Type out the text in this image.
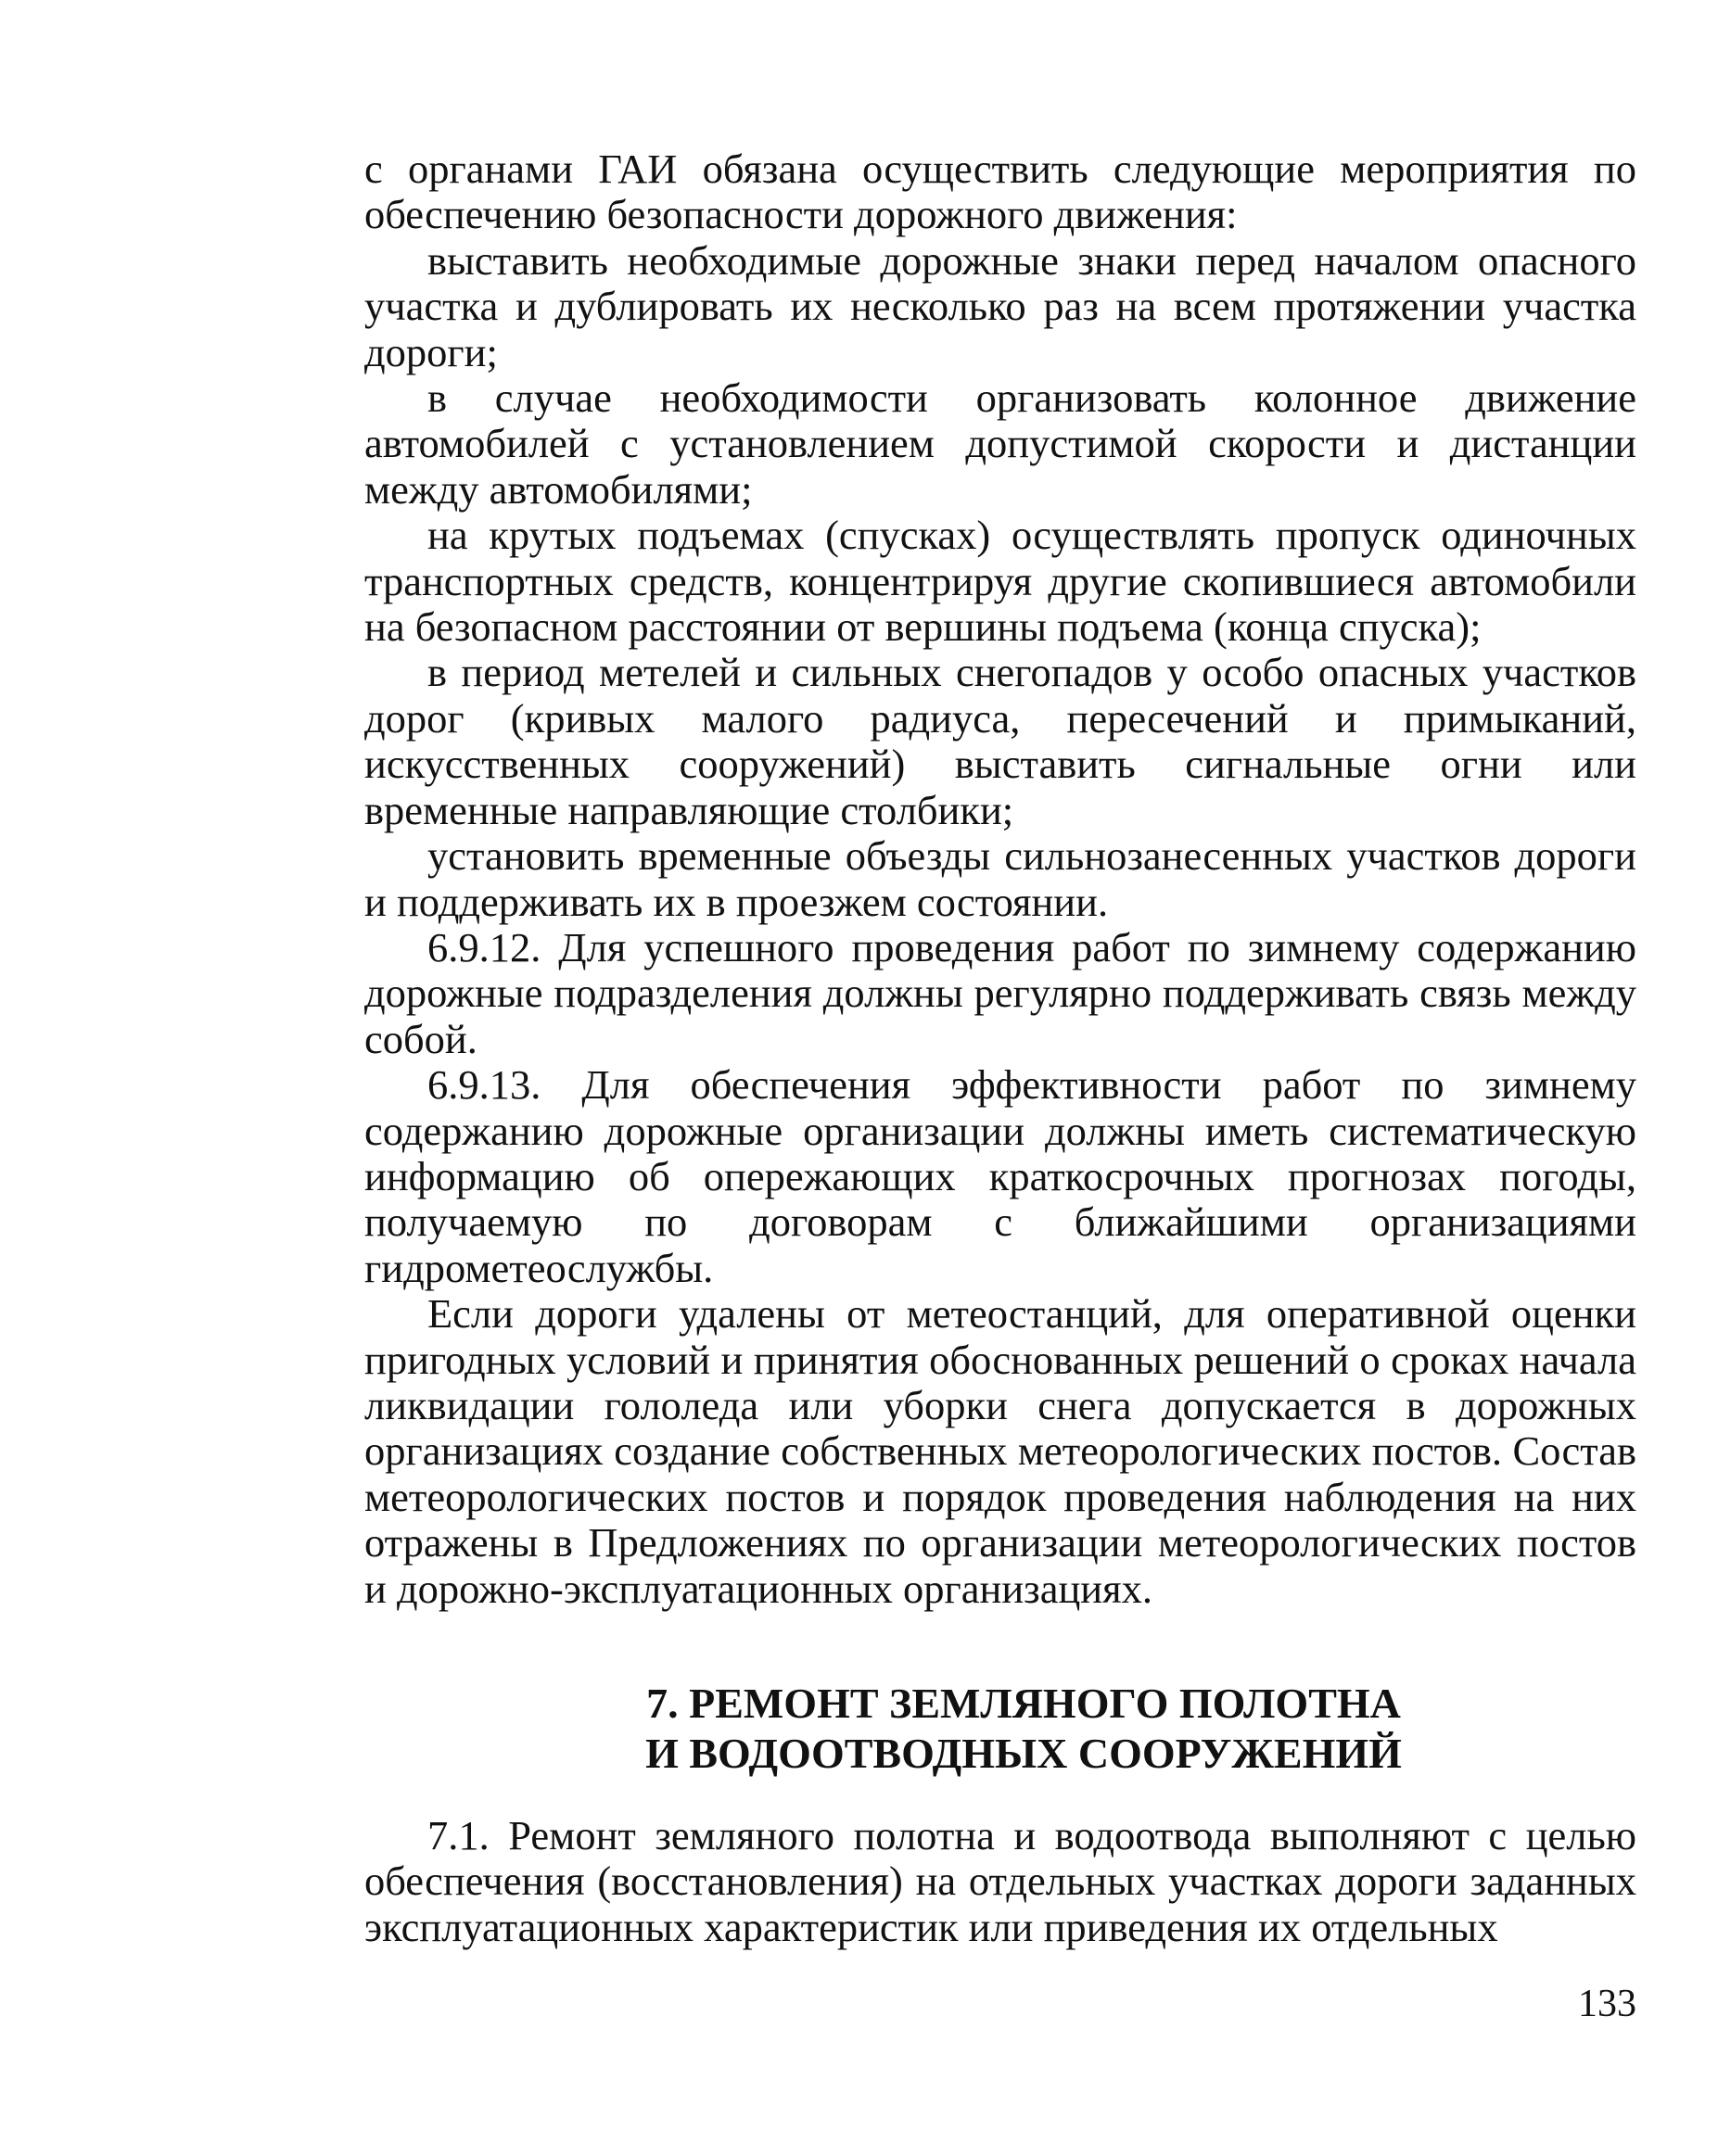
с органами ГАИ обязана осуществить следующие мероприятия по обеспечению безопасности дорожного движения:

выставить необходимые дорожные знаки перед началом опасного участка и дублировать их несколько раз на всем протяжении участка дороги;

в случае необходимости организовать колонное движение автомобилей с установлением допустимой скорости и дистанции между автомобилями;

на крутых подъемах (спусках) осуществлять пропуск одиночных транспортных средств, концентрируя другие скопившиеся автомобили на безопасном расстоянии от вершины подъема (конца спуска);

в период метелей и сильных снегопадов у особо опасных участков дорог (кривых малого радиуса, пересечений и примыканий, искусственных сооружений) выставить сигнальные огни или временные направляющие столбики;

установить временные объезды сильнозанесенных участков дороги и поддерживать их в проезжем состоянии.

6.9.12. Для успешного проведения работ по зимнему содержанию дорожные подразделения должны регулярно поддерживать связь между собой.

6.9.13. Для обеспечения эффективности работ по зимнему содержанию дорожные организации должны иметь систематическую информацию об опережающих краткосрочных прогнозах погоды, получаемую по договорам с ближайшими организациями гидрометеослужбы.

Если дороги удалены от метеостанций, для оперативной оценки пригодных условий и принятия обоснованных решений о сроках начала ликвидации гололеда или уборки снега допускается в дорожных организациях создание собственных метеорологических постов. Состав метеорологических постов и порядок проведения наблюдения на них отражены в Предложениях по организации метеорологических постов и дорожно-эксплуатационных организациях.

7. РЕМОНТ ЗЕМЛЯНОГО ПОЛОТНА
И ВОДООТВОДНЫХ СООРУЖЕНИЙ

7.1. Ремонт земляного полотна и водоотвода выполняют с целью обеспечения (восстановления) на отдельных участках дороги заданных эксплуатационных характеристик или приведения их отдельных

133
